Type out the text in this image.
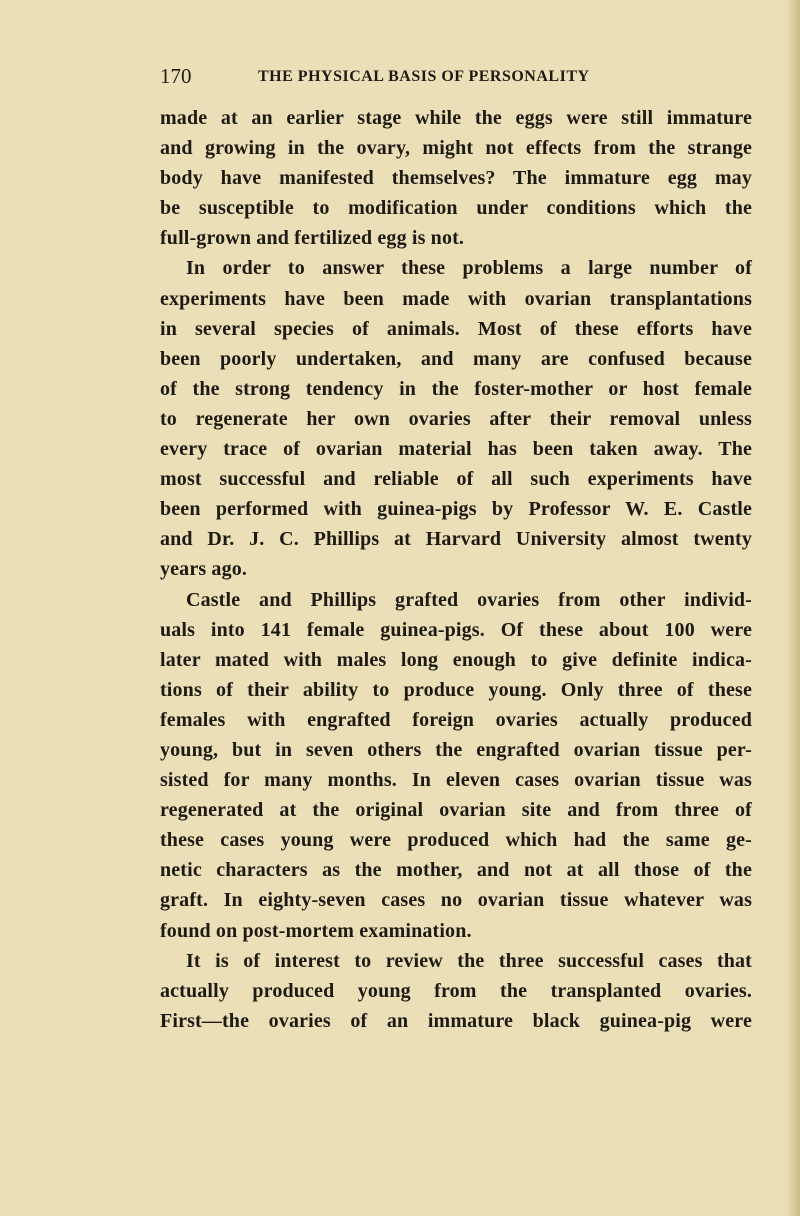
170	THE PHYSICAL BASIS OF PERSONALITY
made at an earlier stage while the eggs were still immature
and growing in the ovary, might not effects from the strange
body have manifested themselves? The immature egg may
be susceptible to modification under conditions which the
full-grown and fertilized egg is not.
In order to answer these problems a large number of
experiments have been made with ovarian transplantations
in several species of animals. Most of these efforts have
been poorly undertaken, and many are confused because
of the strong tendency in the foster-mother or host female
to regenerate her own ovaries after their removal unless
every trace of ovarian material has been taken away. The
most successful and reliable of all such experiments have
been performed with guinea-pigs by Professor W. E. Castle
and Dr. J. C. Phillips at Harvard University almost twenty
years ago.
Castle and Phillips grafted ovaries from other individ-
uals into 141 female guinea-pigs. Of these about 100 were
later mated with males long enough to give definite indica-
tions of their ability to produce young. Only three of these
females with engrafted foreign ovaries actually produced
young, but in seven others the engrafted ovarian tissue per-
sisted for many months. In eleven cases ovarian tissue was
regenerated at the original ovarian site and from three of
these cases young were produced which had the same ge-
netic characters as the mother, and not at all those of the
graft. In eighty-seven cases no ovarian tissue whatever was
found on post-mortem examination.
It is of interest to review the three successful cases that
actually produced young from the transplanted ovaries.
First—the ovaries of an immature black guinea-pig were
